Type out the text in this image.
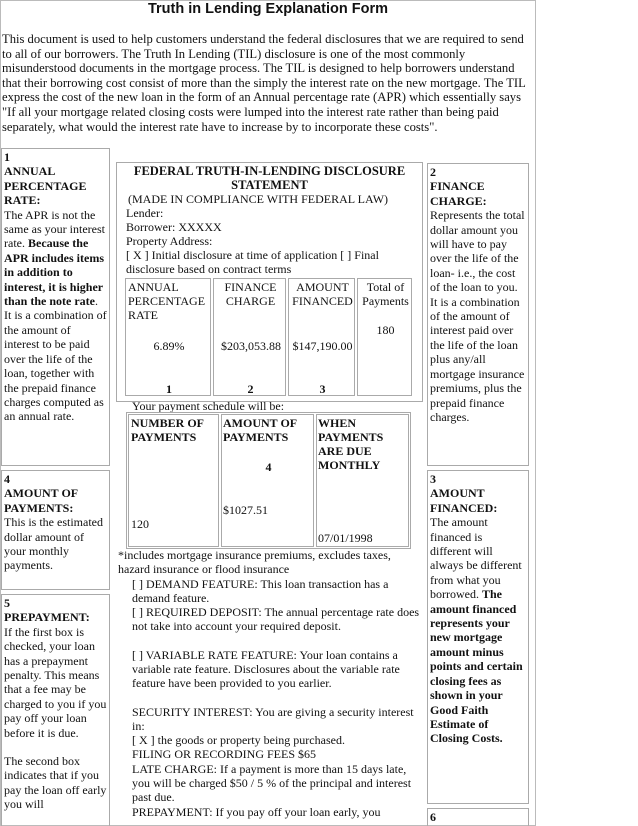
Truth in Lending Explanation Form
This document is used to help customers understand the federal disclosures that we are required to send to all of our borrowers. The Truth In Lending (TIL) disclosure is one of the most commonly misunderstood documents in the mortgage process. The TIL is designed to help borrowers understand that their borrowing cost consist of more than the simply the interest rate on the new mortgage. The TIL express the cost of the new loan in the form of an Annual percentage rate (APR) which essentially says "If all your mortgage related closing costs were lumped into the interest rate rather than being paid separately, what would the interest rate have to increase by to incorporate these costs".
1
ANNUAL PERCENTAGE RATE:
The APR is not the same as your interest rate. Because the APR includes items in addition to interest, it is higher than the note rate. It is a combination of the amount of interest to be paid over the life of the loan, together with the prepaid finance charges computed as an annual rate.
4
AMOUNT OF PAYMENTS:
This is the estimated dollar amount of your monthly payments.
5
PREPAYMENT:
If the first box is checked, your loan has a prepayment penalty. This means that a fee may be charged to you if you pay off your loan before it is due.
The second box indicates that if you pay the loan off early you will
2
FINANCE CHARGE:
Represents the total dollar amount you will have to pay over the life of the loan- i.e., the cost of the loan to you. It is a combination of the amount of interest paid over the life of the loan plus any/all mortgage insurance premiums, plus the prepaid finance charges.
3
AMOUNT FINANCED:
The amount financed is different will always be different from what you borrowed. The amount financed represents your new mortgage amount minus points and certain closing fees as shown in your Good Faith Estimate of Closing Costs.
6
FEDERAL TRUTH-IN-LENDING DISCLOSURE STATEMENT
(MADE IN COMPLIANCE WITH FEDERAL LAW)
Lender:
Borrower: XXXXX
Property Address:
[ X ] Initial disclosure at time of application [ ] Final disclosure based on contract terms
ANNUAL PERCENTAGE RATE
6.89%
1
FINANCE CHARGE
$203,053.88
2
AMOUNT FINANCED
$147,190.00
3
Total of Payments
180
Your payment schedule will be:
NUMBER OF PAYMENTS
120
AMOUNT OF PAYMENTS
4
$1027.51
WHEN PAYMENTS ARE DUE MONTHLY
07/01/1998
*includes mortgage insurance premiums, excludes taxes, hazard insurance or flood insurance
[ ] DEMAND FEATURE: This loan transaction has a demand feature.
[ ] REQUIRED DEPOSIT: The annual percentage rate does not take into account your required deposit.
[ ] VARIABLE RATE FEATURE: Your loan contains a variable rate feature. Disclosures about the variable rate feature have been provided to you earlier.
SECURITY INTEREST: You are giving a security interest in:
[ X ] the goods or property being purchased.
FILING OR RECORDING FEES $65
LATE CHARGE: If a payment is more than 15 days late, you will be charged $50 / 5 % of the principal and interest past due.
PREPAYMENT: If you pay off your loan early, you
